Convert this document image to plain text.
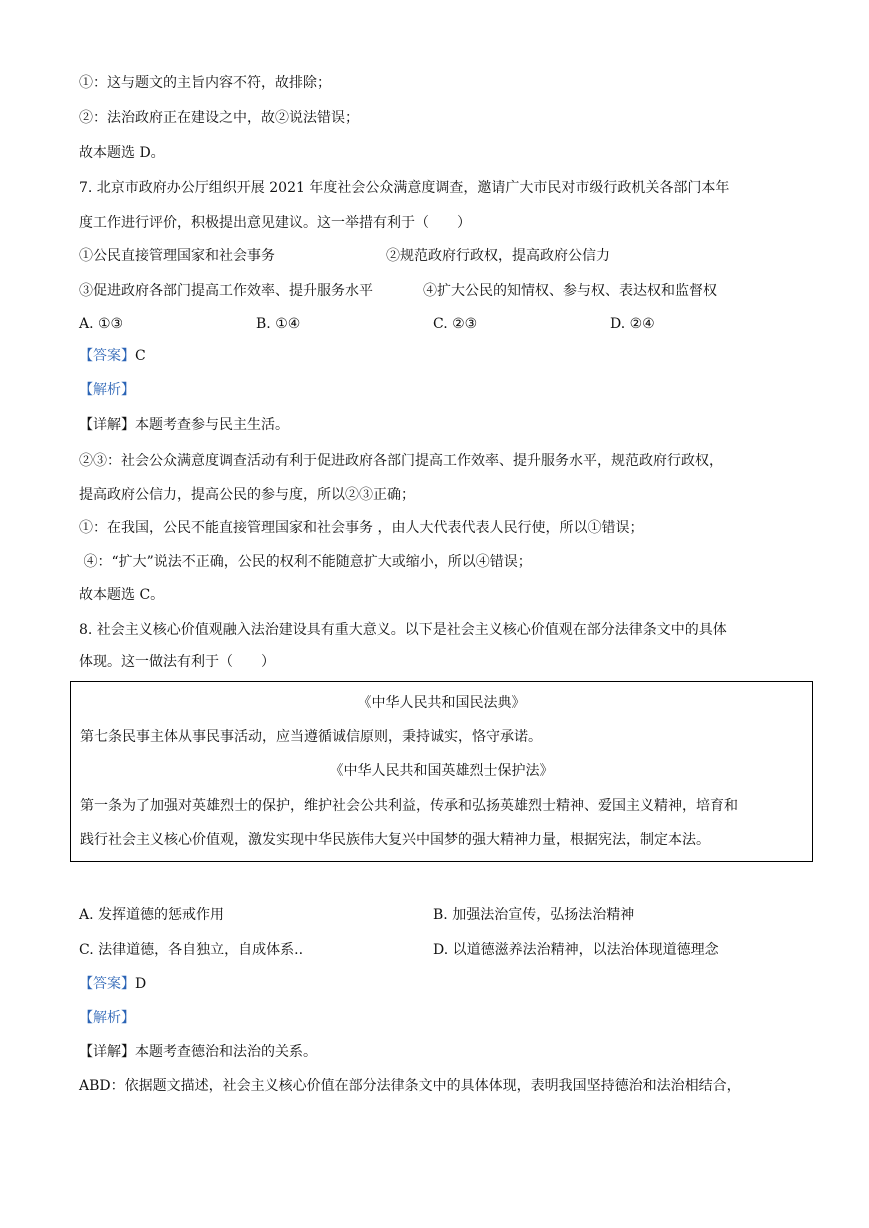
①：这与题文的主旨内容不符，故排除；
②：法治政府正在建设之中，故②说法错误；
故本题选 D。
7. 北京市政府办公厅组织开展 2021 年度社会公众满意度调查，邀请广大市民对市级行政机关各部门本年
度工作进行评价，积极提出意见建议。这一举措有利于（　　）
①公民直接管理国家和社会事务	②规范政府行政权，提高政府公信力
③促进政府各部门提高工作效率、提升服务水平	④扩大公民的知情权、参与权、表达权和监督权
A. ①③	B. ①④	C. ②③	D. ②④
【答案】C
【解析】
【详解】本题考查参与民主生活。
②③：社会公众满意度调查活动有利于促进政府各部门提高工作效率、提升服务水平，规范政府行政权，
提高政府公信力，提高公民的参与度，所以②③正确；
①：在我国，公民不能直接管理国家和社会事务 ，由人大代表代表人民行使，所以①错误；
④：“扩大”说法不正确，公民的权利不能随意扩大或缩小，所以④错误；
故本题选 C。
8. 社会主义核心价值观融入法治建设具有重大意义。以下是社会主义核心价值观在部分法律条文中的具体
体现。这一做法有利于（　　）
《中华人民共和国民法典》
第七条民事主体从事民事活动，应当遵循诚信原则，秉持诚实，恪守承诺。
《中华人民共和国英雄烈士保护法》
第一条为了加强对英雄烈士的保护，维护社会公共利益，传承和弘扬英雄烈士精神、爱国主义精神，培育和
践行社会主义核心价值观，激发实现中华民族伟大复兴中国梦的强大精神力量，根据宪法，制定本法。
A. 发挥道德的惩戒作用	B. 加强法治宣传，弘扬法治精神
C. 法律道德，各自独立，自成体系..	D. 以道德滋养法治精神，以法治体现道德理念
【答案】D
【解析】
【详解】本题考查德治和法治的关系。
ABD：依据题文描述，社会主义核心价值在部分法律条文中的具体体现，表明我国坚持德治和法治相结合，
